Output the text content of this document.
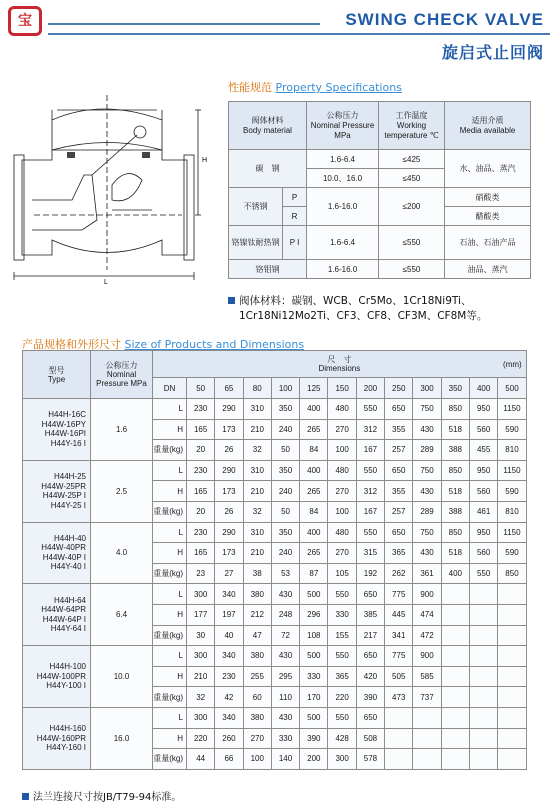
宝	SWING CHECK VALVE
旋启式止回阀
H
L
性能规范 Property Specifications
阀体材料
Body material		公称压力
Nominal Pressure MPa	工作温度
Working temperature ℃	适用介质
Media available
碳　钢		1.6-6.4	≤425	水、油品、蒸汽
		10.0、16.0	≤450	
不锈钢	P	1.6-16.0	≤200	硝酸类
	R			醋酸类
铬镍钛耐热钢	P I	1.6-6.4	≤550	石油、石油产品
铬钼钢		1.6-16.0	≤550	油品、蒸汽
阀体材料：碳钢、WCB、Cr5Mo、1Cr18Ni9Ti、
1Cr18Ni12Mo2Ti、CF3、CF8、CF3M、CF8M等。
产品规格和外形尺寸 Size of Products and Dimensions
型号
Type	公称压力
Nominal Pressure MPa	尺　寸
Dimensions (mm)												

		DN	50	65	80	100	125	150	200	250	300	350	400	500

H44H-16C
H44W-16PY
H44W-16PI
H44Y-16 I	1.6	L	230	290	310	350	400	480	550	650	750	850	950	1150
		H	165	173	210	240	265	270	312	355	430	518	560	590
		重量(kg)	20	26	32	50	84	100	167	257	289	388	455	810

H44H-25
H44W-25PR
H44W-25P I
H44Y-25 I	2.5	L	230	290	310	350	400	480	550	650	750	850	950	1150
		H	165	173	210	240	265	270	312	355	430	518	560	590
		重量(kg)	20	26	32	50	84	100	167	257	289	388	461	810

H44H-40
H44W-40PR
H44W-40P I
H44Y-40 I	4.0	L	230	290	310	350	400	480	550	650	750	850	950	1150
		H	165	173	210	240	265	270	315	365	430	518	560	590
		重量(kg)	23	27	38	53	87	105	192	262	361	400	550	850

H44H-64
H44W-64PR
H44W-64P I
H44Y-64 I	6.4	L	300	340	380	430	500	550	650	775	900			
		H	177	197	212	248	296	330	385	445	474			
		重量(kg)	30	40	47	72	108	155	217	341	472			

H44H-100
H44W-100PR
H44Y-100 I	10.0	L	300	340	380	430	500	550	650	775	900			
		H	210	230	255	295	330	365	420	505	585			
		重量(kg)	32	42	60	110	170	220	390	473	737			

H44H-160
H44W-160PR
H44Y-160 I	16.0	L	300	340	380	430	500	550	650					
		H	220	260	270	330	390	428	508					
		重量(kg)	44	66	100	140	200	300	578					
法兰连接尺寸按JB/T79-94标准。
